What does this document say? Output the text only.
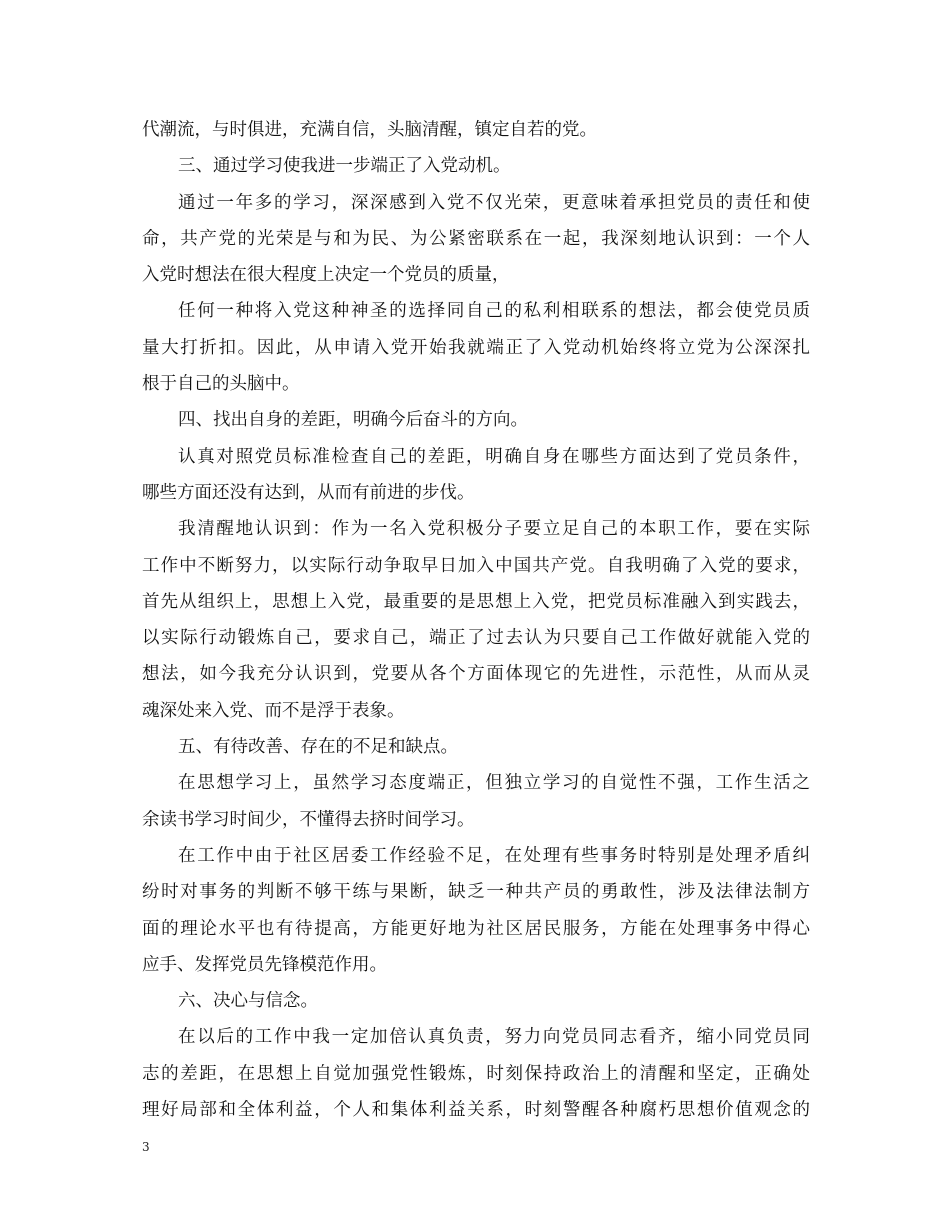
代潮流，与时俱进，充满自信，头脑清醒，镇定自若的党。
三、通过学习使我进一步端正了入党动机。
通过一年多的学习，深深感到入党不仅光荣，更意味着承担党员的责任和使
命，共产党的光荣是与和为民、为公紧密联系在一起，我深刻地认识到：一个人
入党时想法在很大程度上决定一个党员的质量，
任何一种将入党这种神圣的选择同自己的私利相联系的想法，都会使党员质
量大打折扣。因此，从申请入党开始我就端正了入党动机始终将立党为公深深扎
根于自己的头脑中。
四、找出自身的差距，明确今后奋斗的方向。
认真对照党员标准检查自己的差距，明确自身在哪些方面达到了党员条件，
哪些方面还没有达到，从而有前进的步伐。
我清醒地认识到：作为一名入党积极分子要立足自己的本职工作，要在实际
工作中不断努力，以实际行动争取早日加入中国共产党。自我明确了入党的要求，
首先从组织上，思想上入党，最重要的是思想上入党，把党员标准融入到实践去，
以实际行动锻炼自己，要求自己，端正了过去认为只要自己工作做好就能入党的
想法，如今我充分认识到，党要从各个方面体现它的先进性，示范性，从而从灵
魂深处来入党、而不是浮于表象。
五、有待改善、存在的不足和缺点。
在思想学习上，虽然学习态度端正，但独立学习的自觉性不强，工作生活之
余读书学习时间少，不懂得去挤时间学习。
在工作中由于社区居委工作经验不足，在处理有些事务时特别是处理矛盾纠
纷时对事务的判断不够干练与果断，缺乏一种共产员的勇敢性，涉及法律法制方
面的理论水平也有待提高，方能更好地为社区居民服务，方能在处理事务中得心
应手、发挥党员先锋模范作用。
六、决心与信念。
在以后的工作中我一定加倍认真负责，努力向党员同志看齐，缩小同党员同
志的差距，在思想上自觉加强党性锻炼，时刻保持政治上的清醒和坚定，正确处
理好局部和全体利益，个人和集体利益关系，时刻警醒各种腐朽思想价值观念的
3
